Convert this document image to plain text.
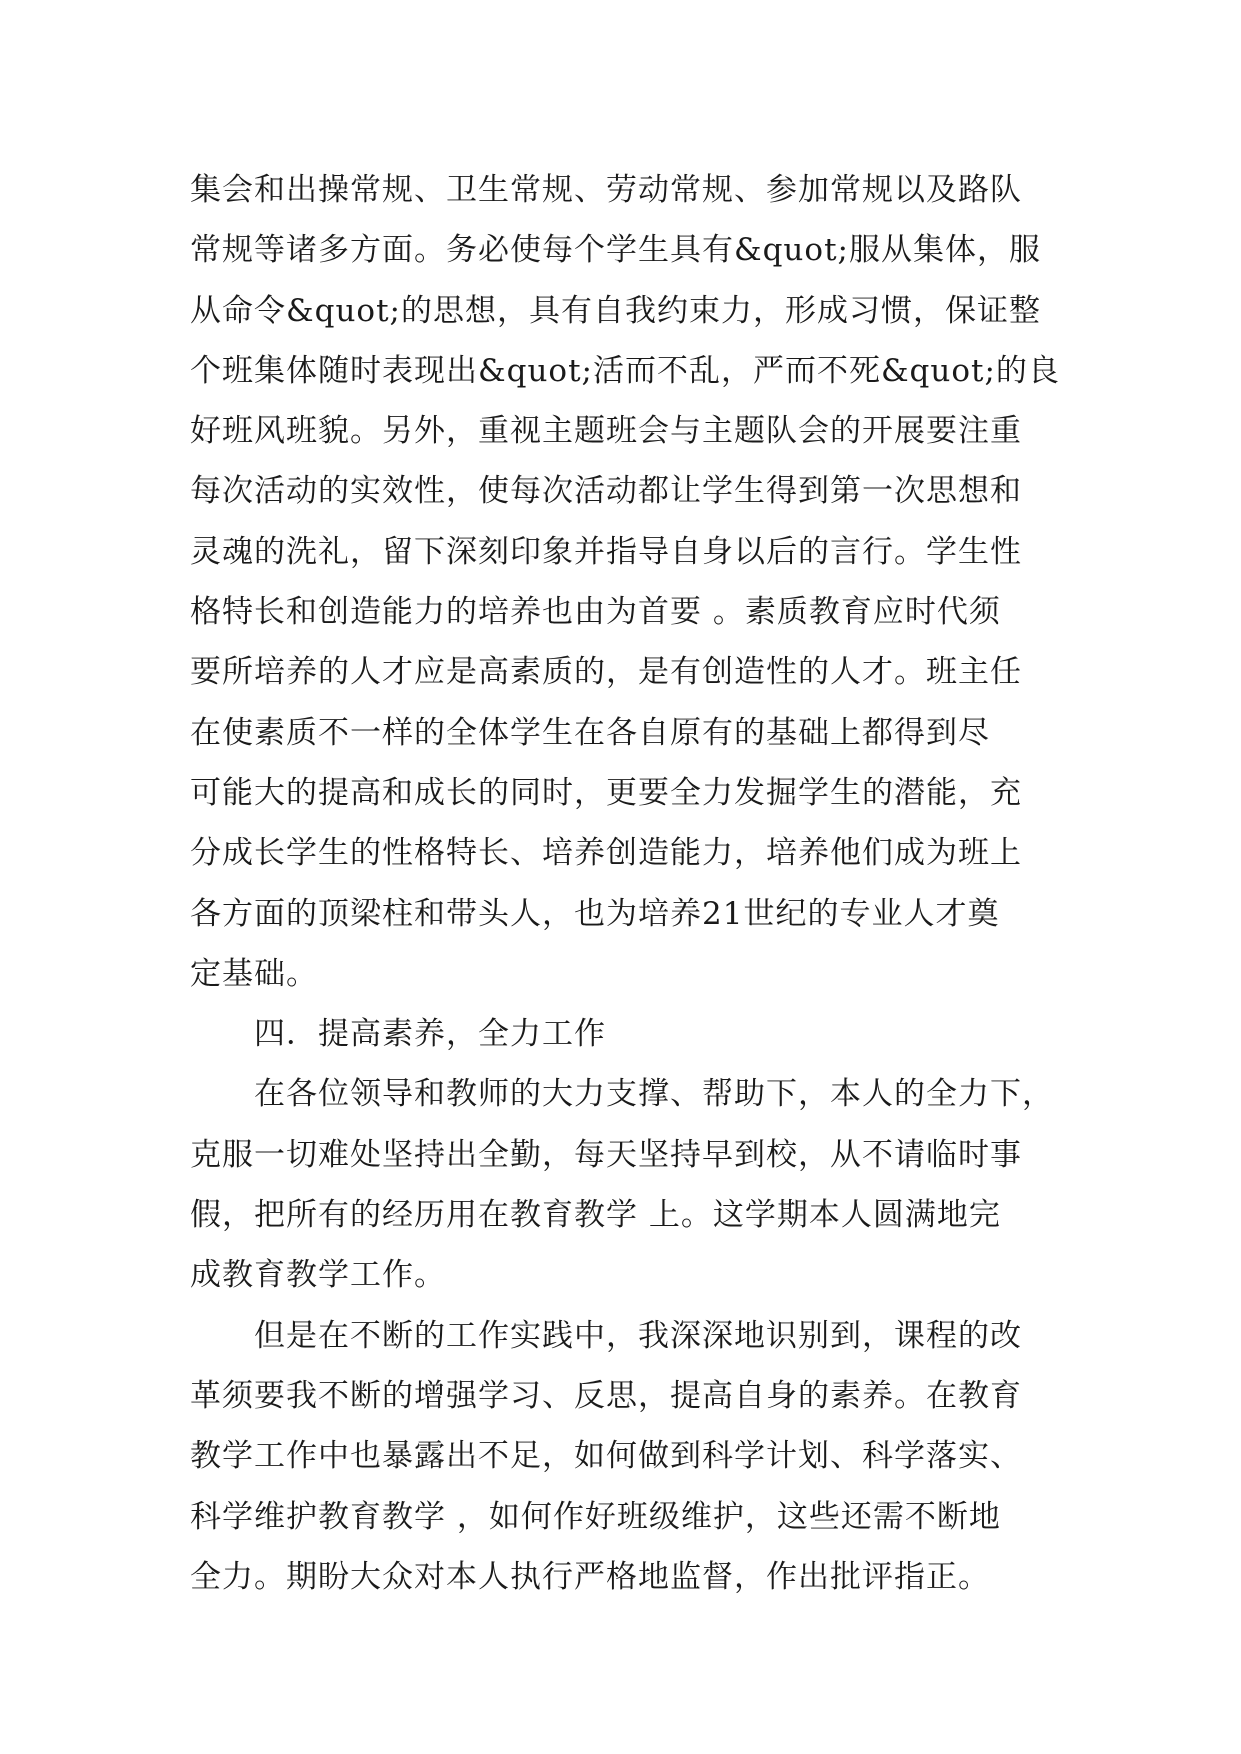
集会和出操常规、卫生常规、劳动常规、参加常规以及路队
常规等诸多方面。务必使每个学生具有&quot;服从集体，服
从命令&quot;的思想，具有自我约束力，形成习惯，保证整
个班集体随时表现出&quot;活而不乱，严而不死&quot;的良
好班风班貌。另外，重视主题班会与主题队会的开展要注重
每次活动的实效性，使每次活动都让学生得到第一次思想和
灵魂的洗礼，留下深刻印象并指导自身以后的言行。学生性
格特长和创造能力的培养也由为首要 。素质教育应时代须
要所培养的人才应是高素质的，是有创造性的人才。班主任
在使素质不一样的全体学生在各自原有的基础上都得到尽
可能大的提高和成长的同时，更要全力发掘学生的潜能，充
分成长学生的性格特长、培养创造能力，培养他们成为班上
各方面的顶梁柱和带头人，也为培养21世纪的专业人才奠
定基础。
四．提高素养，全力工作
在各位领导和教师的大力支撑、帮助下，本人的全力下，
克服一切难处坚持出全勤，每天坚持早到校，从不请临时事
假，把所有的经历用在教育教学 上。这学期本人圆满地完
成教育教学工作。
但是在不断的工作实践中，我深深地识别到，课程的改
革须要我不断的增强学习、反思，提高自身的素养。在教育
教学工作中也暴露出不足，如何做到科学计划、科学落实、
科学维护教育教学 ，如何作好班级维护，这些还需不断地
全力。期盼大众对本人执行严格地监督，作出批评指正。
